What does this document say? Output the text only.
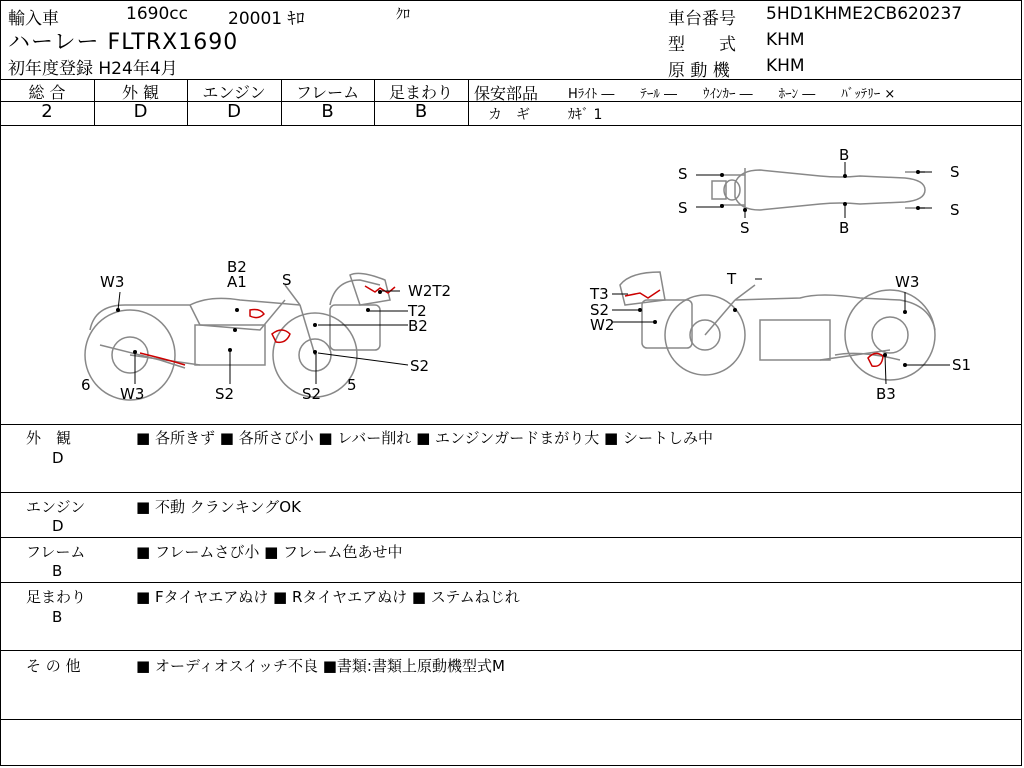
輸入車	1690cc 20001 ｷﾛ	ｸﾛ
ハーレー FLTRX1690
初年度登録 H24年4月
車台番号 5HD1KHME2CB620237
型　　式 KHM
原 動 機 KHM
総 合	外 観	エンジン	フレーム	足まわり
2	D	D	B	B
保安部品 Hﾗｲﾄ ―　　ﾃｰﾙ ―　　ｳｲﾝｶｰ ―　　ﾎｰﾝ ―　　ﾊﾞｯﾃﾘｰ ×
カ　ギ	ｶｷﾞ 1
S
S
S
S
S
B
B
W3
B2
A1 S
W2T2
T2
B2
S2
6 W3	S2	S2 5
T	W3
T3
S2
W2
S1
B3
外　観
D
■ 各所きず ■ 各所さび小 ■ レバー削れ ■ エンジンガードまがり大 ■ シートしみ中
エンジン
D
■ 不動 クランキングOK
フレーム
B
■ フレームさび小 ■ フレーム色あせ中
足まわり
B
■ Fタイヤエアぬけ ■ Rタイヤエアぬけ ■ ステムねじれ
そ の 他	■ オーディオスイッチ不良 ■書類:書類上原動機型式M
